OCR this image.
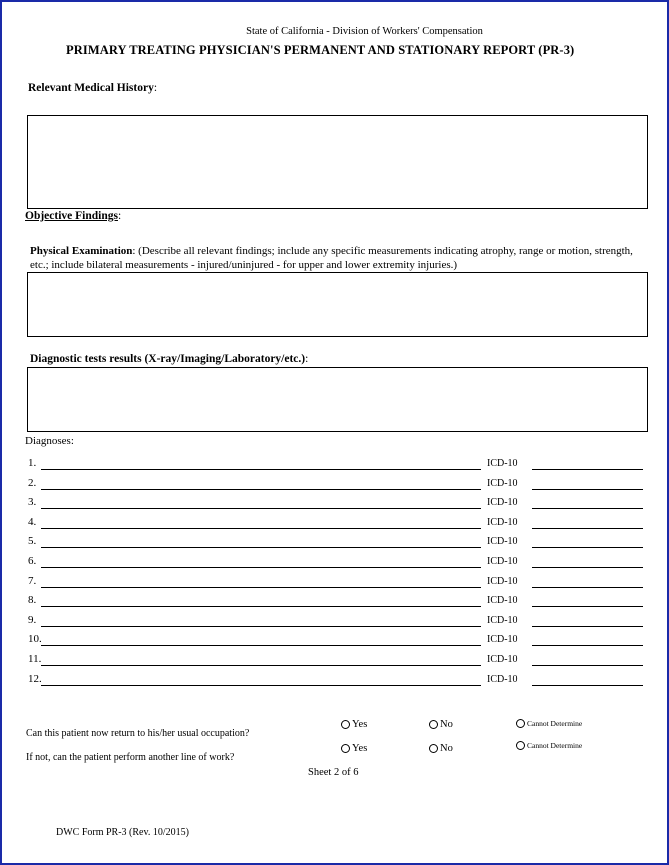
State of California - Division of Workers' Compensation
PRIMARY TREATING PHYSICIAN'S PERMANENT AND STATIONARY REPORT (PR-3)
Relevant Medical History:
Objective Findings:
Physical Examination: (Describe all relevant findings; include any specific measurements indicating atrophy, range or motion, strength, etc.; include bilateral measurements - injured/uninjured - for upper and lower extremity injuries.)
Diagnostic tests results (X-ray/Imaging/Laboratory/etc.):
Diagnoses:
1.	ICD-10
2.	ICD-10
3.	ICD-10
4.	ICD-10
5.	ICD-10
6.	ICD-10
7.	ICD-10
8.	ICD-10
9.	ICD-10
10.	ICD-10
11.	ICD-10
12.	ICD-10
Can this patient now return to his/her usual occupation?
Yes	No	Cannot Determine
If not, can the patient perform another line of work?
Yes	No	Cannot Determine
Sheet 2 of 6
DWC Form PR-3 (Rev. 10/2015)
